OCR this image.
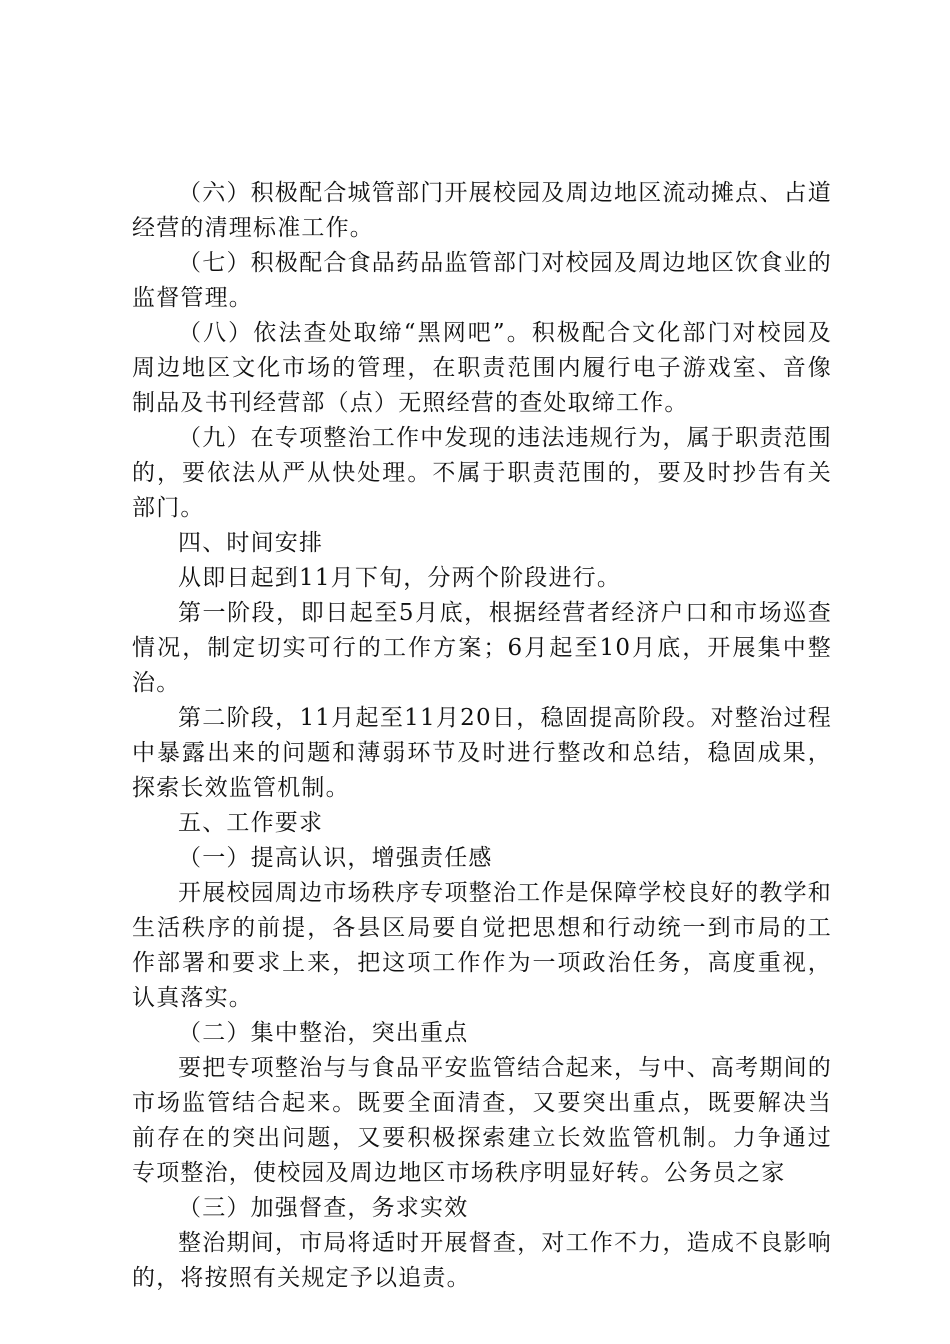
（六）积极配合城管部门开展校园及周边地区流动摊点、占道经营的清理标准工作。

（七）积极配合食品药品监管部门对校园及周边地区饮食业的监督管理。

（八）依法查处取缔“黑网吧”。积极配合文化部门对校园及周边地区文化市场的管理，在职责范围内履行电子游戏室、音像制品及书刊经营部（点）无照经营的查处取缔工作。

（九）在专项整治工作中发现的违法违规行为，属于职责范围的，要依法从严从快处理。不属于职责范围的，要及时抄告有关部门。

四、时间安排

从即日起到11月下旬，分两个阶段进行。

第一阶段，即日起至5月底，根据经营者经济户口和市场巡查情况，制定切实可行的工作方案；6月起至10月底，开展集中整治。

第二阶段，11月起至11月20日，稳固提高阶段。对整治过程中暴露出来的问题和薄弱环节及时进行整改和总结，稳固成果，探索长效监管机制。

五、工作要求

（一）提高认识，增强责任感

开展校园周边市场秩序专项整治工作是保障学校良好的教学和生活秩序的前提，各县区局要自觉把思想和行动统一到市局的工作部署和要求上来，把这项工作作为一项政治任务，高度重视，认真落实。

（二）集中整治，突出重点

要把专项整治与与食品平安监管结合起来，与中、高考期间的市场监管结合起来。既要全面清查，又要突出重点，既要解决当前存在的突出问题，又要积极探索建立长效监管机制。力争通过专项整治，使校园及周边地区市场秩序明显好转。公务员之家

（三）加强督查，务求实效

整治期间，市局将适时开展督查，对工作不力，造成不良影响的，将按照有关规定予以追责。
